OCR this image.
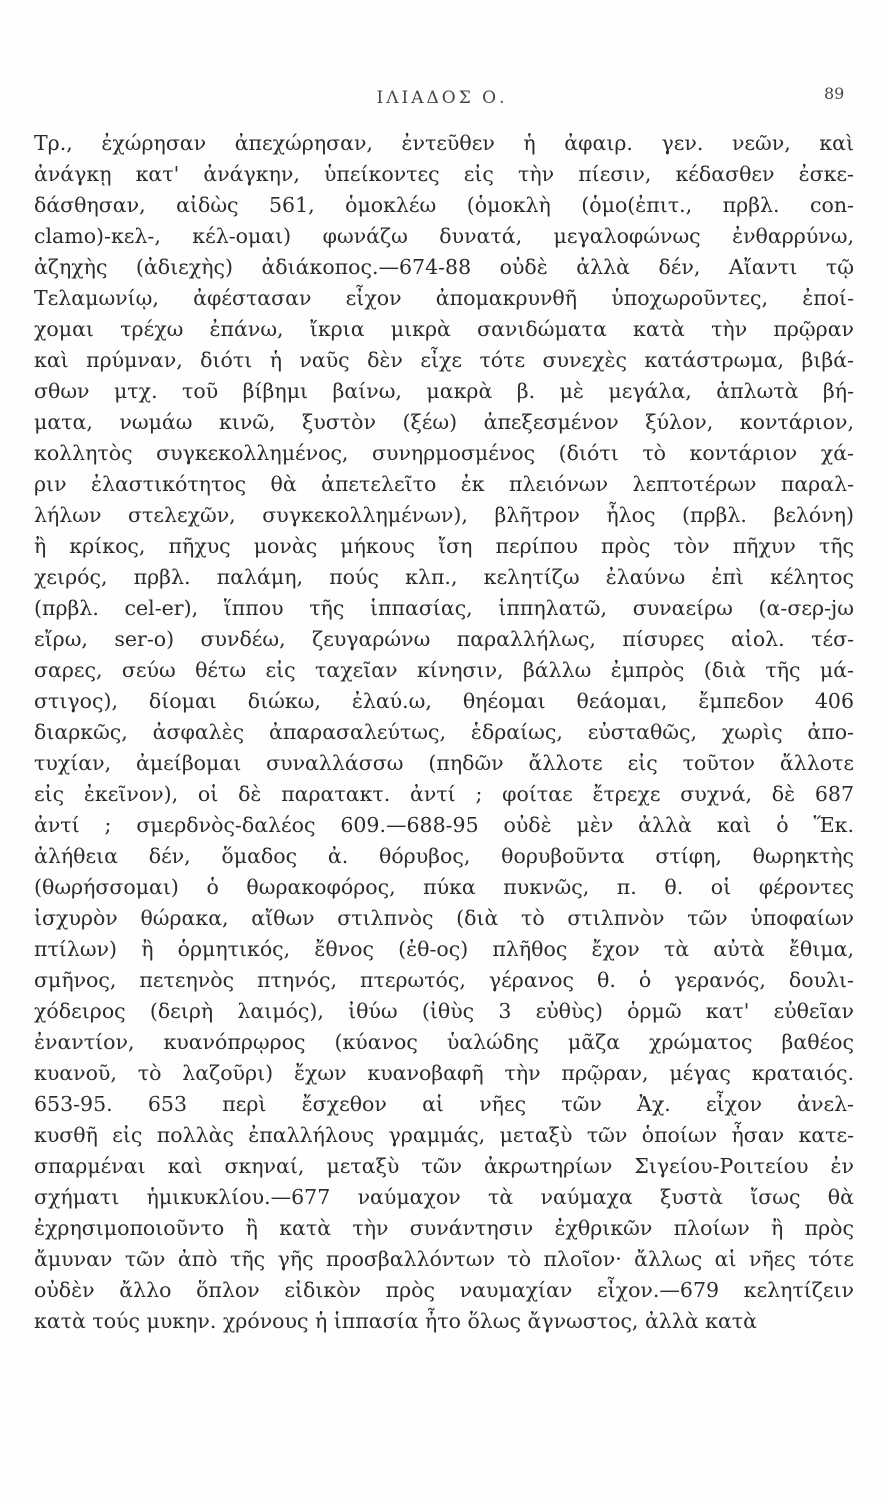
ΙΛΙΑΔΟΣ Ο.	89
Τρ., ἐχώρησαν ἀπεχώρησαν, ἐντεῦθεν ἡ ἀφαιρ. γεν. νεῶν, καὶ
ἀνάγκῃ κατ' ἀνάγκην, ὑπείκοντες εἰς τὴν πίεσιν, κέδασθεν ἐσκε-
δάσθησαν, αἰδὼς 561, ὁμοκλέω (ὁμοκλὴ (ὁμο(ἐπιτ., πρβλ. con-
clamo)-κελ-, κέλ-ομαι) φωνάζω δυνατά, μεγαλοφώνως ἐνθαρρύνω,
ἀζηχὴς (ἀδιεχὴς) ἀδιάκοπος.—674-88 οὐδὲ ἀλλὰ δέν, Αἴαντι τῷ
Τελαμωνίῳ, ἀφέστασαν εἶχον ἀπομακρυνθῆ ὑποχωροῦντες, ἐποί-
χομαι τρέχω ἐπάνω, ἴκρια μικρὰ σανιδώματα κατὰ τὴν πρῷραν
καὶ πρύμναν, διότι ἡ ναῦς δὲν εἶχε τότε συνεχὲς κατάστρωμα, βιβά-
σθων μτχ. τοῦ βίβημι βαίνω, μακρὰ β. μὲ μεγάλα, ἁπλωτὰ βή-
ματα, νωμάω κινῶ, ξυστὸν (ξέω) ἀπεξεσμένον ξύλον, κοντάριον,
κολλητὸς συγκεκολλημένος, συνηρμοσμένος (διότι τὸ κοντάριον χά-
ριν ἐλαστικότητος θὰ ἀπετελεῖτο ἐκ πλειόνων λεπτοτέρων παραλ-
λήλων στελεχῶν, συγκεκολλημένων), βλῆτρον ἧλος (πρβλ. βελόνη)
ἢ κρίκος, πῆχυς μονὰς μήκους ἴση περίπου πρὸς τὸν πῆχυν τῆς
χειρός, πρβλ. παλάμη, πούς κλπ., κελητίζω ἐλαύνω ἐπὶ κέλητος
(πρβλ. cel-er), ἵππου τῆς ἱππασίας, ἱππηλατῶ, συναείρω (α-σερ-jω
εἴρω, ser-o) συνδέω, ζευγαρώνω παραλλήλως, πίσυρες αἰολ. τέσ-
σαρες, σεύω θέτω εἰς ταχεῖαν κίνησιν, βάλλω ἐμπρὸς (διὰ τῆς μά-
στιγος), δίομαι διώκω, ἐλαύ.ω, θηέομαι θεάομαι, ἔμπεδον 406
διαρκῶς, ἀσφαλὲς ἀπαρασαλεύτως, ἑδραίως, εὐσταθῶς, χωρὶς ἀπο-
τυχίαν, ἀμείβομαι συναλλάσσω (πηδῶν ἄλλοτε εἰς τοῦτον ἄλλοτε
εἰς ἐκεῖνον), οἱ δὲ παρατακτ. ἀντί ; φοίταε ἔτρεχε συχνά, δὲ 687
ἀντί ; σμερδνὸς-δαλέος 609.—688-95 οὐδὲ μὲν ἀλλὰ καὶ ὁ Ἕκ.
ἀλήθεια δέν, ὅμαδος ἀ. θόρυβος, θορυβοῦντα στίφη, θωρηκτὴς
(θωρήσσομαι) ὁ θωρακοφόρος, πύκα πυκνῶς, π. θ. οἱ φέροντες
ἰσχυρὸν θώρακα, αἴθων στιλπνὸς (διὰ τὸ στιλπνὸν τῶν ὑποφαίων
πτίλων) ἢ ὁρμητικός, ἔθνος (ἐθ-ος) πλῆθος ἔχον τὰ αὐτὰ ἔθιμα,
σμῆνος, πετεηνὸς πτηνός, πτερωτός, γέρανος θ. ὁ γερανός, δουλι-
χόδειρος (δειρὴ λαιμός), ἰθύω (ἰθὺς 3 εὐθὺς) ὁρμῶ κατ' εὐθεῖαν
ἐναντίον, κυανόπρῳρος (κύανος ὑαλώδης μᾶζα χρώματος βαθέος
κυανοῦ, τὸ λαζοῦρι) ἔχων κυανοβαφῆ τὴν πρῷραν, μέγας κραταιός.
653-95. 653 περὶ ἔσχεθον αἱ νῆες τῶν Ἀχ. εἶχον ἀνελ-
κυσθῆ εἰς πολλὰς ἐπαλλήλους γραμμάς, μεταξὺ τῶν ὁποίων ἦσαν κατε-
σπαρμέναι καὶ σκηναί, μεταξὺ τῶν ἀκρωτηρίων Σιγείου-Ροιτείου ἐν
σχήματι ἡμικυκλίου.—677 ναύμαχον τὰ ναύμαχα ξυστὰ ἴσως θὰ
ἐχρησιμοποιοῦντο ἢ κατὰ τὴν συνάντησιν ἐχθρικῶν πλοίων ἢ πρὸς
ἄμυναν τῶν ἀπὸ τῆς γῆς προσβαλλόντων τὸ πλοῖον· ἄλλως αἱ νῆες τότε
οὐδὲν ἄλλο ὅπλον εἰδικὸν πρὸς ναυμαχίαν εἶχον.—679 κελητίζειν
κατὰ τούς μυκην. χρόνους ἡ ἱππασία ἦτο ὅλως ἄγνωστος, ἀλλὰ κατὰ
